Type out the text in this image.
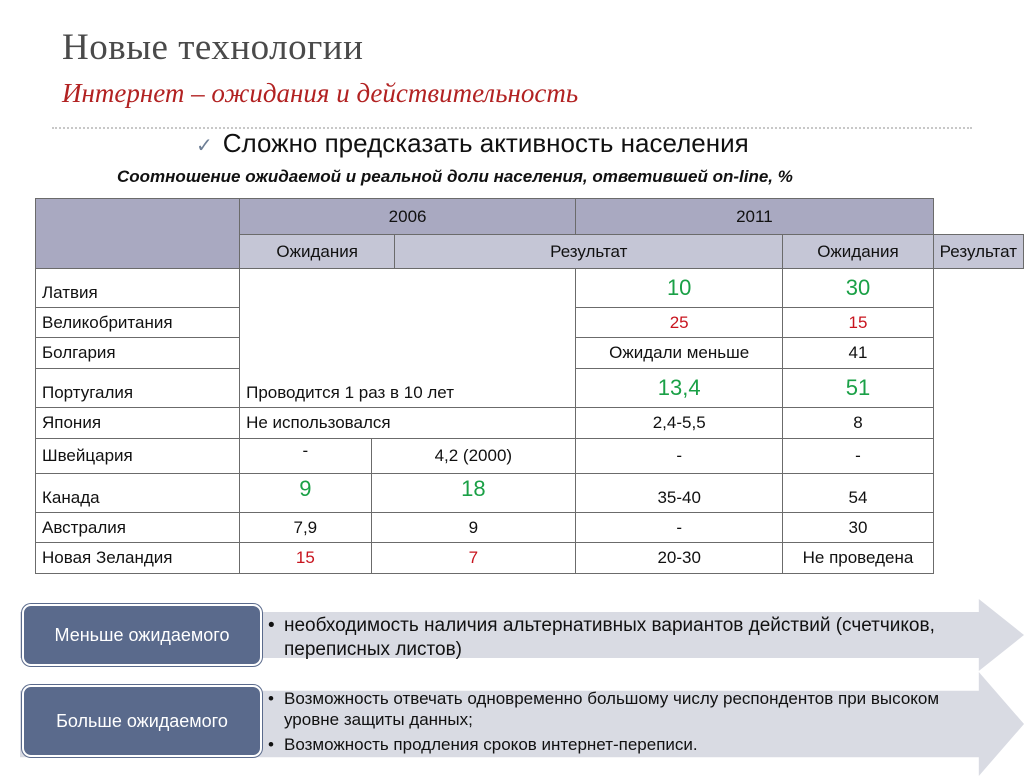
Новые технологии
Интернет – ожидания и действительность
✓ Сложно предсказать активность населения
Соотношение ожидаемой и реальной доли населения, ответившей on-line, %
	2006			2011		
	Ожидания		Результат		Ожидания	Результат
Латвия	Проводится 1 раз в 10 лет			10	30	
Великобритания				25	15	
Болгария				Ожидали меньше	41	
Португалия				13,4	51	
Япония	Не использовался			2,4-5,5	8	
Швейцария	-	4,2 (2000)		-	-	
Канада	9	18		35-40	54	
Австралия	7,9	9		-	30	
Новая Зеландия	15	7		20-30	Не проведена	
Меньше ожидаемого	• необходимость наличия альтернативных вариантов действий (счетчиков, переписных листов)
Больше ожидаемого
• Возможность отвечать одновременно большому числу респондентов при высоком уровне защиты данных;
• Возможность продления сроков интернет-переписи.
